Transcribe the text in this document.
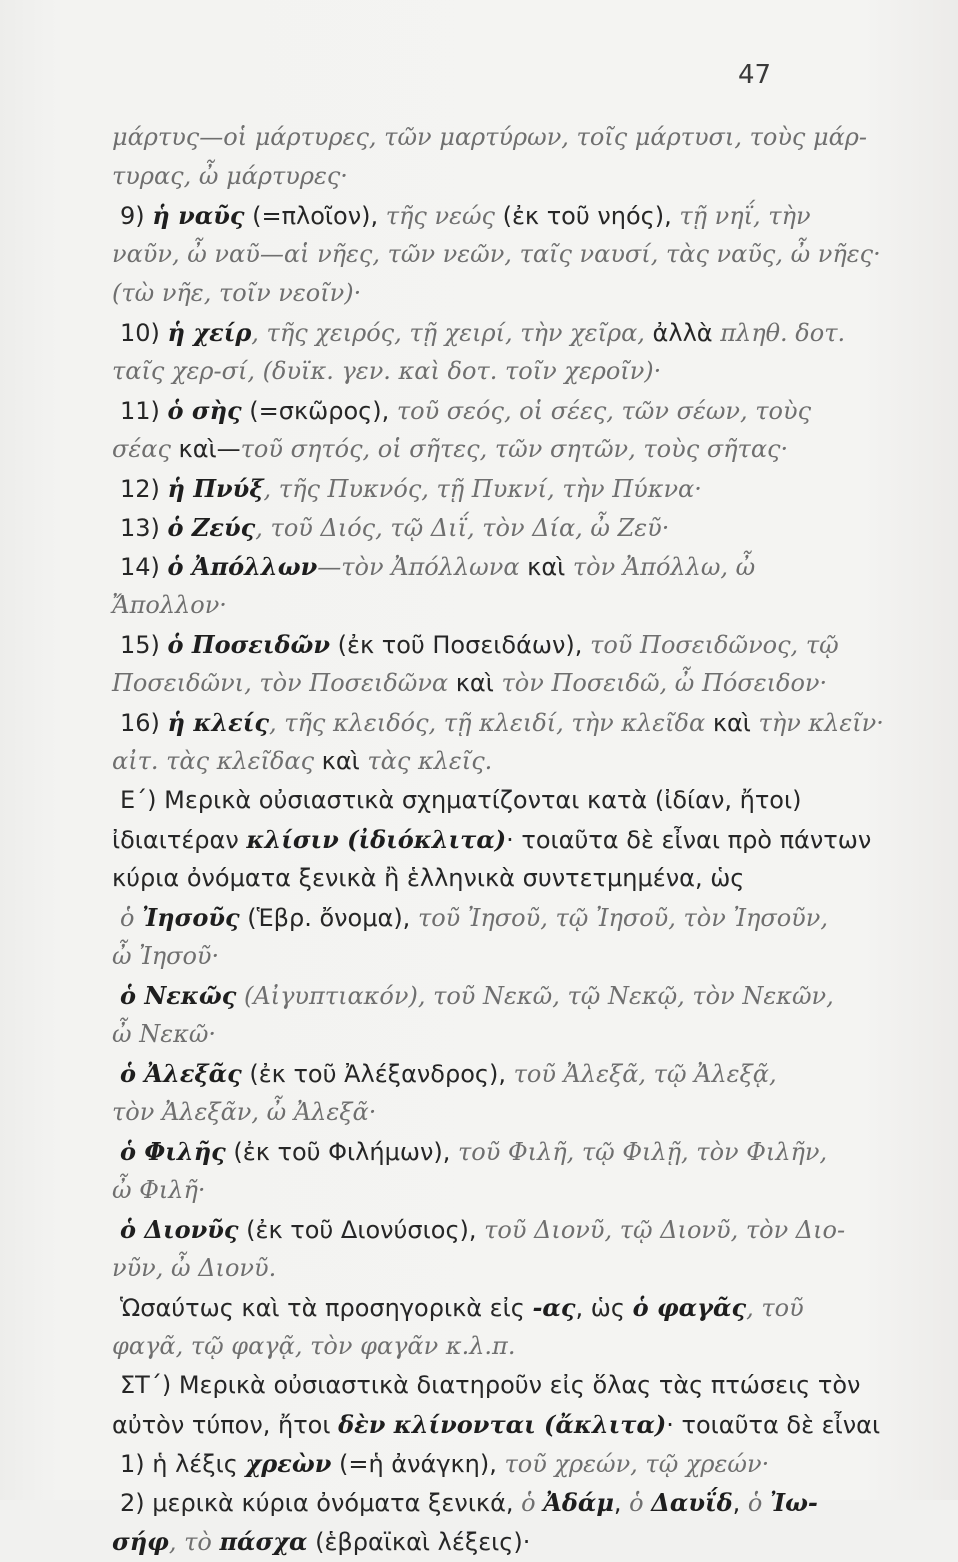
47
μάρτυς—οἱ μάρτυρες, τῶν μαρτύρων, τοῖς μάρτυσι, τοὺς μάρ-
τυρας, ὦ μάρτυρες·
9) ἡ ναῦς (=πλοῖον), τῆς νεώς (ἐκ τοῦ νηός), τῇ νηΐ, τὴν
ναῦν, ὦ ναῦ—αἱ νῆες, τῶν νεῶν, ταῖς ναυσί, τὰς ναῦς, ὦ νῆες·
(τὼ νῆε, τοῖν νεοῖν)·
10) ἡ χείρ, τῆς χειρός, τῇ χειρί, τὴν χεῖρα, ἀλλὰ πληθ. δοτ.
ταῖς χερ-σί, (δυϊκ. γεν. καὶ δοτ. τοῖν χεροῖν)·
11) ὁ σὴς (=σκῶρος), τοῦ σεός, οἱ σέες, τῶν σέων, τοὺς
σέας καὶ—τοῦ σητός, οἱ σῆτες, τῶν σητῶν, τοὺς σῆτας·
12) ἡ Πνύξ, τῆς Πυκνός, τῇ Πυκνί, τὴν Πύκνα·
13) ὁ Ζεύς, τοῦ Διός, τῷ Διΐ, τὸν Δία, ὦ Ζεῦ·
14) ὁ Ἀπόλλων—τὸν Ἀπόλλωνα καὶ τὸν Ἀπόλλω, ὦ
Ἄπολλον·
15) ὁ Ποσειδῶν (ἐκ τοῦ Ποσειδάων), τοῦ Ποσειδῶνος, τῷ
Ποσειδῶνι, τὸν Ποσειδῶνα καὶ τὸν Ποσειδῶ, ὦ Πόσειδον·
16) ἡ κλείς, τῆς κλειδός, τῇ κλειδί, τὴν κλεῖδα καὶ τὴν κλεῖν·
αἰτ. τὰς κλεῖδας καὶ τὰς κλεῖς.
Ε΄) Μερικὰ οὐσιαστικὰ σχηματίζονται κατὰ (ἰδίαν, ἤτοι)
ἰδιαιτέραν κλίσιν (ἰδιόκλιτα)· τοιαῦτα δὲ εἶναι πρὸ πάντων
κύρια ὀνόματα ξενικὰ ἢ ἑλληνικὰ συντετμημένα, ὡς
ὁ Ἰησοῦς (Ἑβρ. ὄνομα), τοῦ Ἰησοῦ, τῷ Ἰησοῦ, τὸν Ἰησοῦν,
ὦ Ἰησοῦ·
ὁ Νεκῶς (Αἰγυπτιακόν), τοῦ Νεκῶ, τῷ Νεκῷ, τὸν Νεκῶν,
ὦ Νεκῶ·
ὁ Ἀλεξᾶς (ἐκ τοῦ Ἀλέξανδρος), τοῦ Ἀλεξᾶ, τῷ Ἀλεξᾷ,
τὸν Ἀλεξᾶν, ὦ Ἀλεξᾶ·
ὁ Φιλῆς (ἐκ τοῦ Φιλήμων), τοῦ Φιλῆ, τῷ Φιλῇ, τὸν Φιλῆν,
ὦ Φιλῆ·
ὁ Διονῦς (ἐκ τοῦ Διονύσιος), τοῦ Διονῦ, τῷ Διονῦ, τὸν Διο-
νῦν, ὦ Διονῦ.
Ὡσαύτως καὶ τὰ προσηγορικὰ εἰς -ας, ὡς ὁ φαγᾶς, τοῦ
φαγᾶ, τῷ φαγᾷ, τὸν φαγᾶν κ.λ.π.
ΣΤ΄) Μερικὰ οὐσιαστικὰ διατηροῦν εἰς ὅλας τὰς πτώσεις τὸν
αὐτὸν τύπον, ἤτοι δὲν κλίνονται (ἄκλιτα)· τοιαῦτα δὲ εἶναι
1) ἡ λέξις χρεὼν (=ἡ ἀνάγκη), τοῦ χρεών, τῷ χρεών·
2) μερικὰ κύρια ὀνόματα ξενικά, ὁ Ἀδάμ, ὁ Δαυΐδ, ὁ Ἰω-
σήφ, τὸ πάσχα (ἑβραϊκαὶ λέξεις)·
